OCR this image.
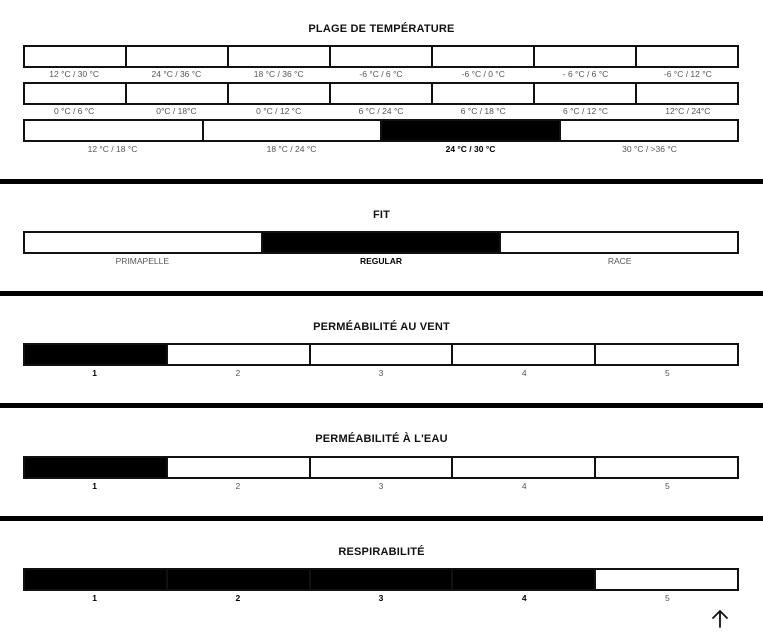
PLAGE DE TEMPÉRATURE
12 °C / 30 °C	24 °C / 36 °C	18 °C / 36 °C	-6 °C / 6 °C	-6 °C / 0 °C	- 6 °C / 6 °C	-6 °C / 12 °C
0 °C / 6 °C	0°C / 18°C	0 °C / 12 °C	6 °C / 24 °C	6 °C / 18 °C	6 °C / 12 °C	12°C / 24°C
12 °C / 18 °C	18 °C / 24 °C	24 °C / 30 °C	30 °C / >36 °C
FIT
PRIMAPELLE	REGULAR	RACE
PERMÉABILITÉ AU VENT
1	2	3	4	5
PERMÉABILITÉ À L'EAU
1	2	3	4	5
RESPIRABILITÉ
1	2	3	4	5
